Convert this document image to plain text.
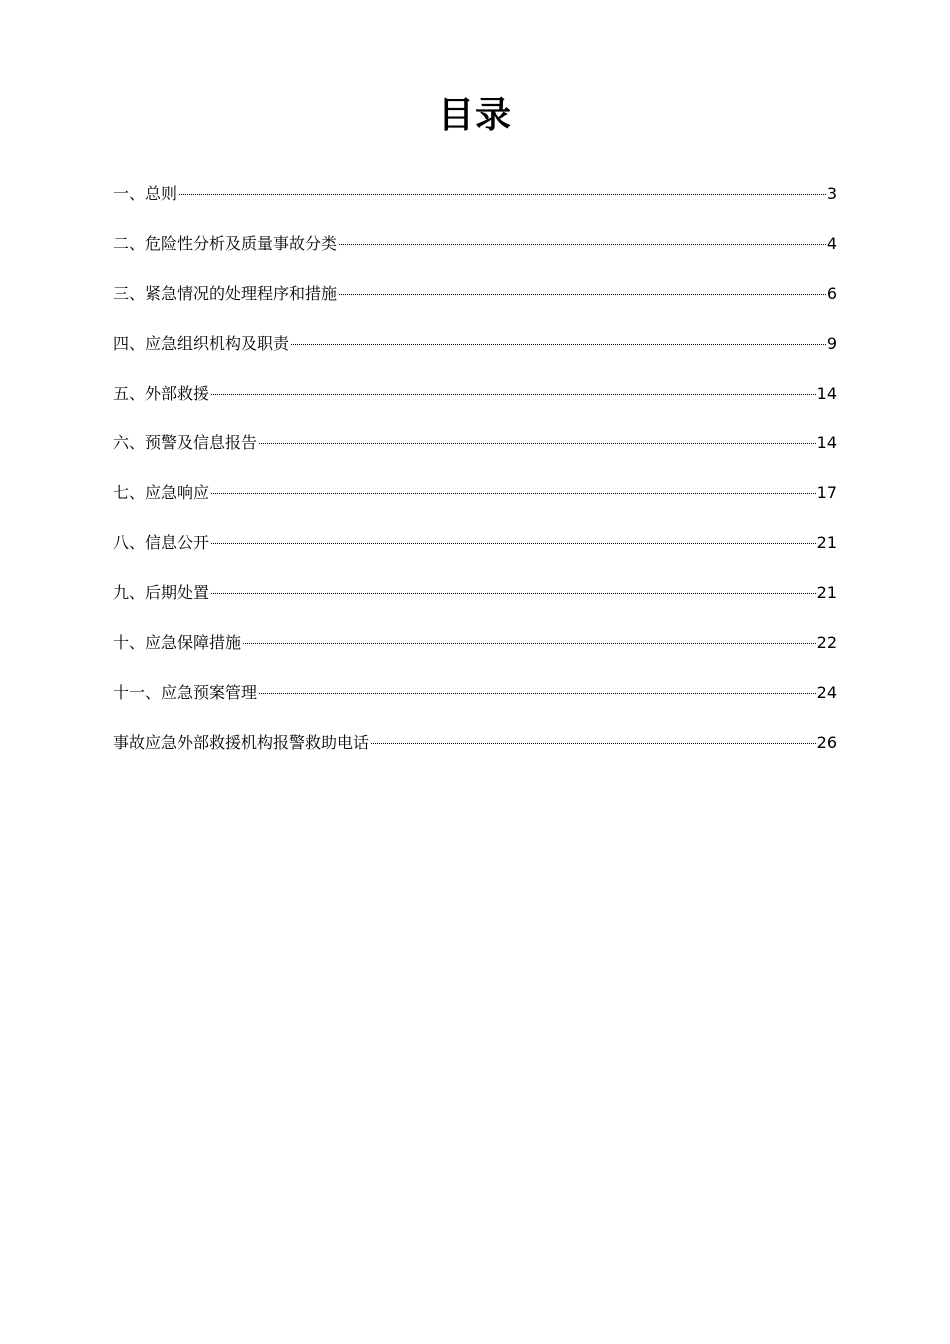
目录
一、总则	3
二、危险性分析及质量事故分类	4
三、紧急情况的处理程序和措施	6
四、应急组织机构及职责	9
五、外部救援	14
六、预警及信息报告	14
七、应急响应	17
八、信息公开	21
九、后期处置	21
十、应急保障措施	22
十一、应急预案管理	24
事故应急外部救援机构报警救助电话	26
